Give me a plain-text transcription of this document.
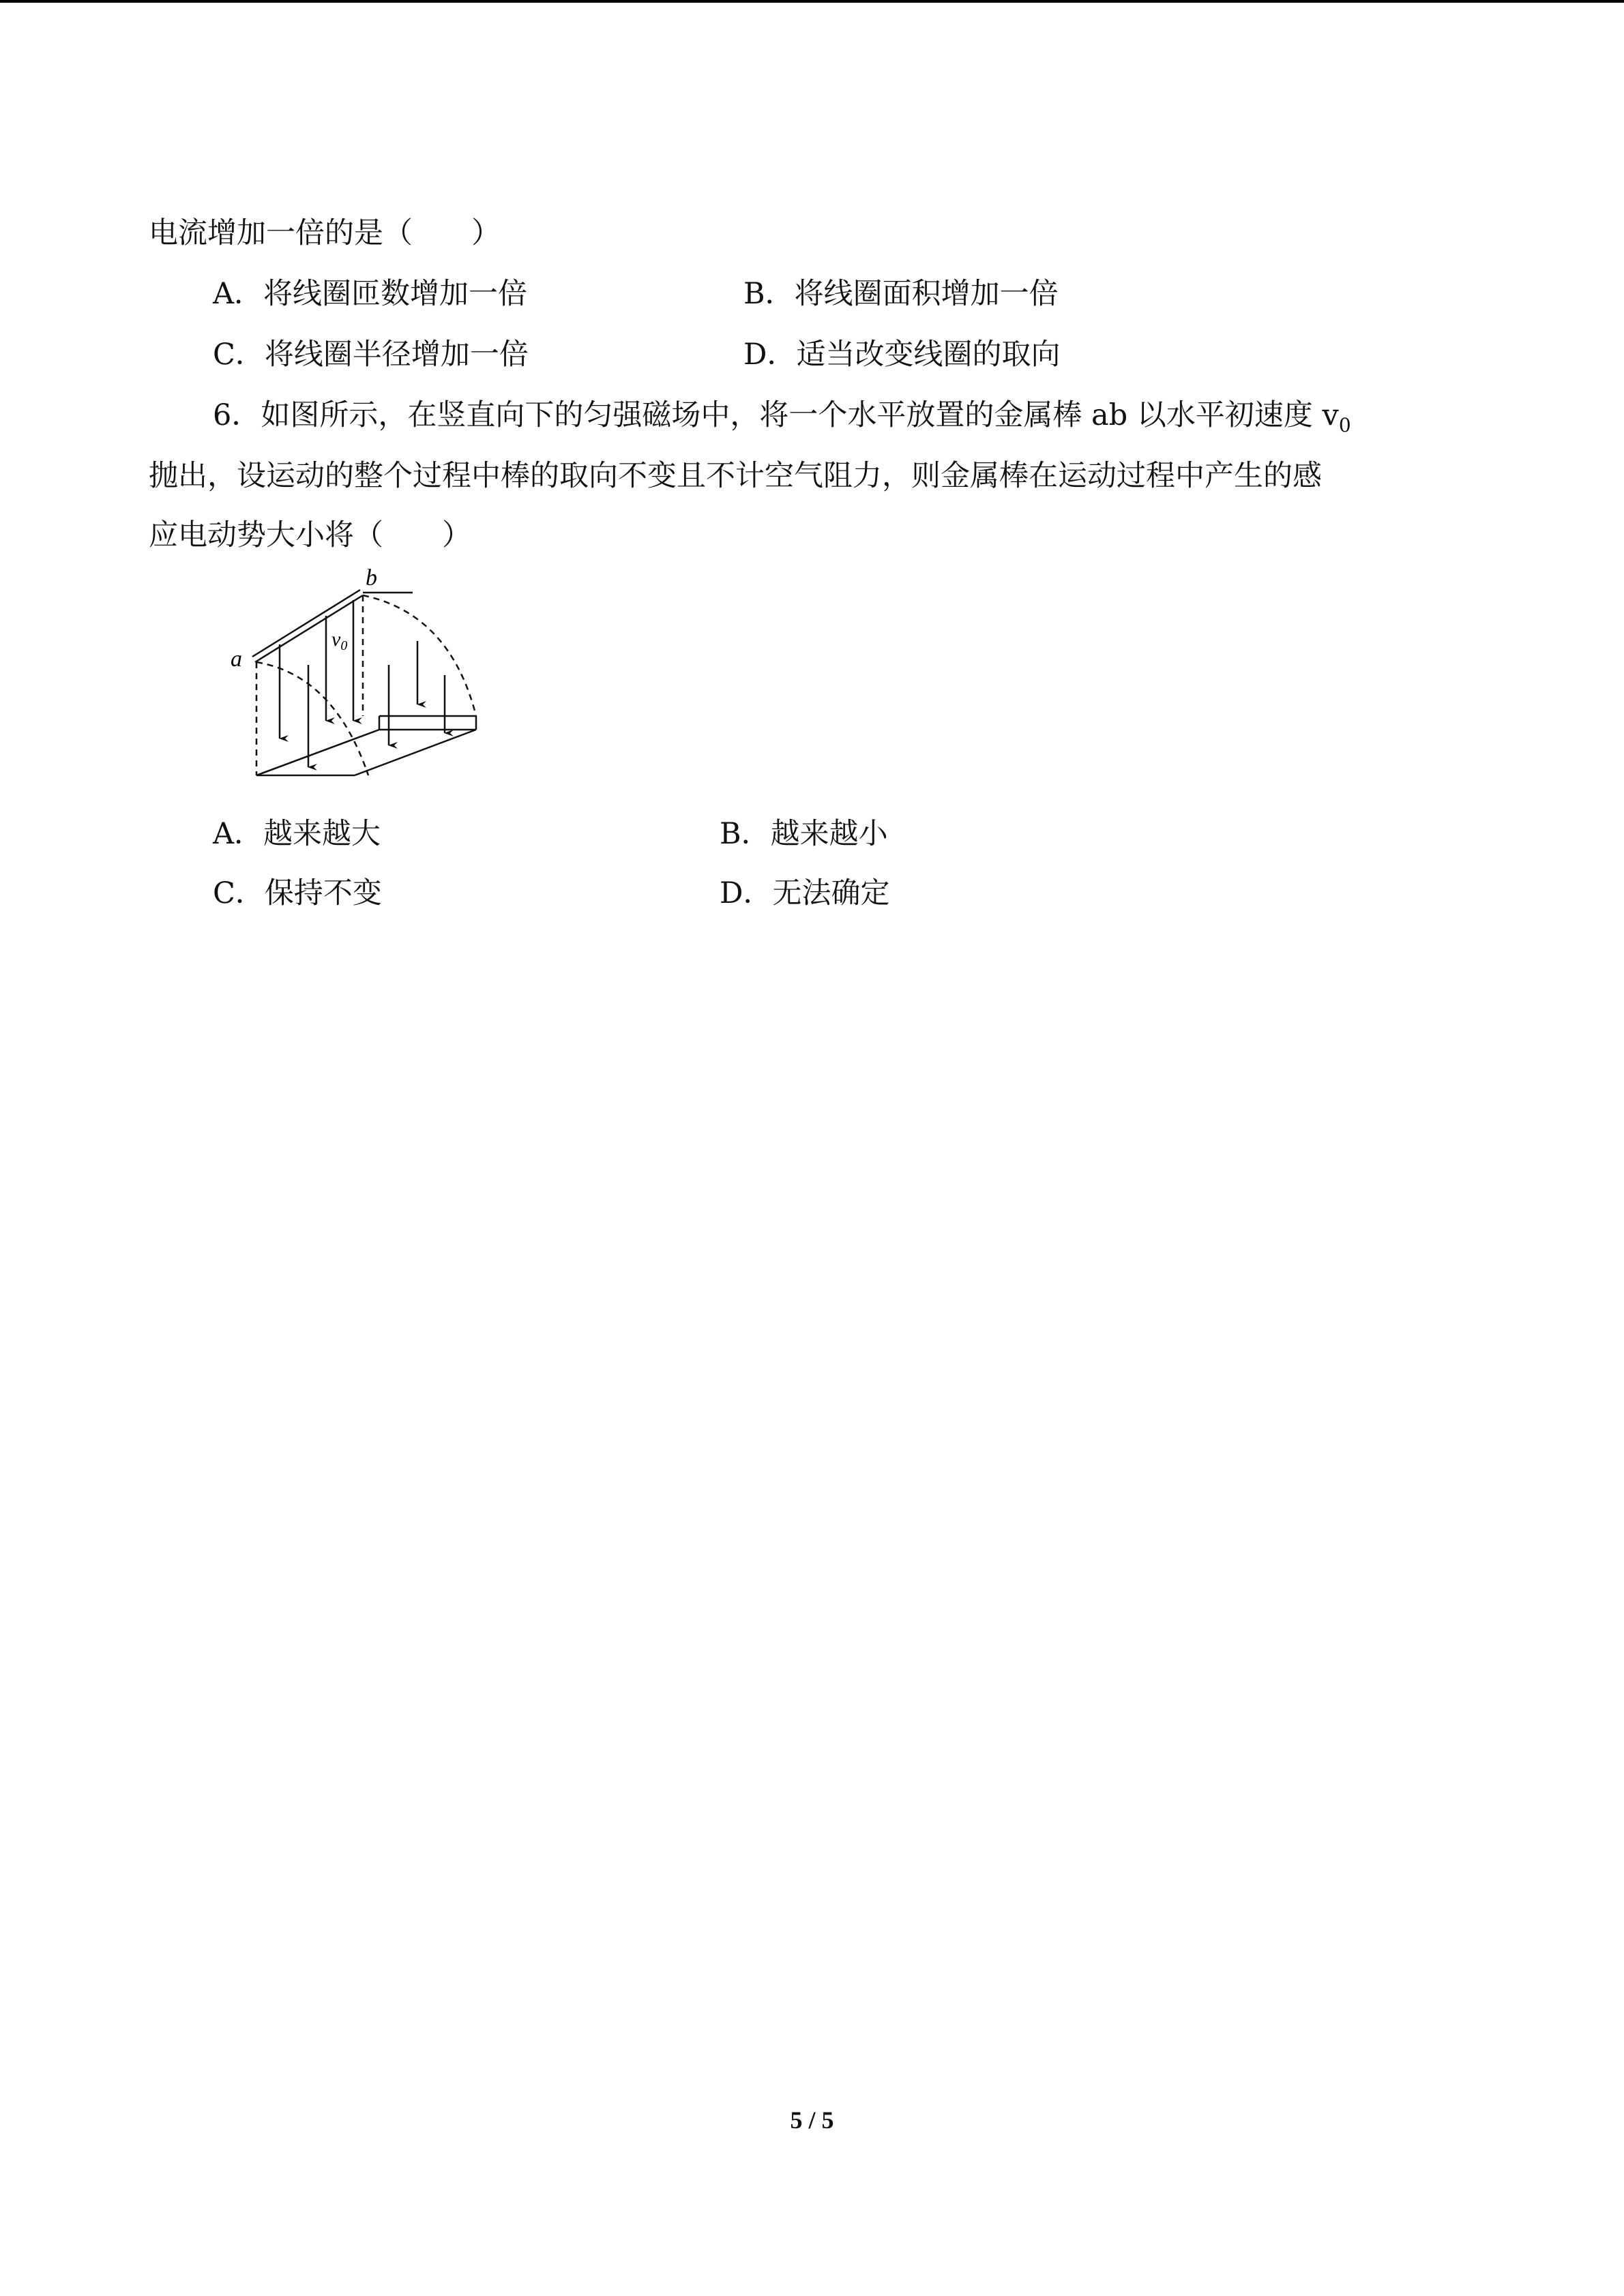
电流增加一倍的是（　　）
A．将线圈匝数增加一倍	B．将线圈面积增加一倍
C．将线圈半径增加一倍	D．适当改变线圈的取向
6．如图所示，在竖直向下的匀强磁场中，将一个水平放置的金属棒 ab 以水平初速度 $v_0$
抛出，设运动的整个过程中棒的取向不变且不计空气阻力，则金属棒在运动过程中产生的感
应电动势大小将（　　）
a
b
$v_0$
A．越来越大	B．越来越小
C．保持不变	D．无法确定
5 / 5
